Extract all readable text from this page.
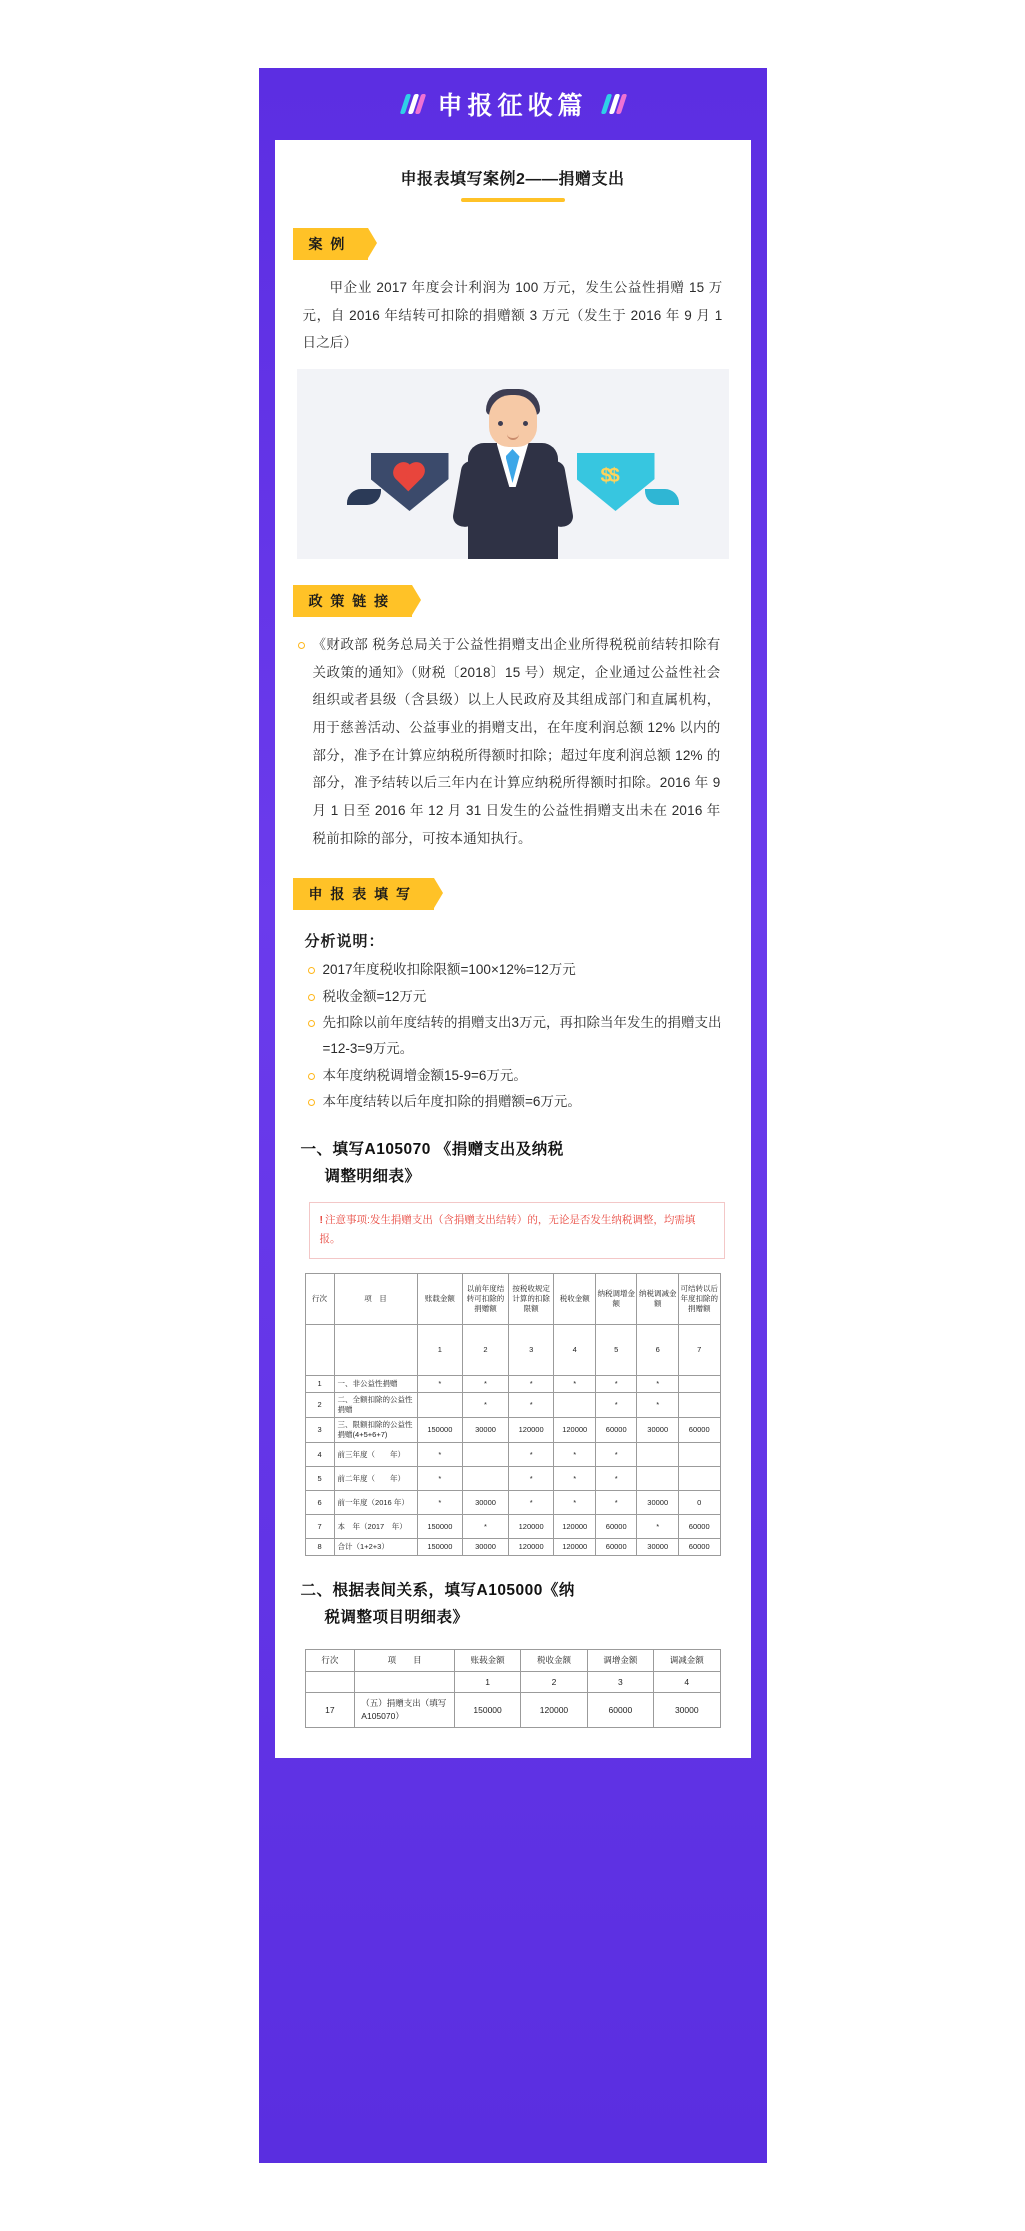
申报征收篇
申报表填写案例2——捐赠支出
案 例
甲企业 2017 年度会计利润为 100 万元，发生公益性捐赠 15 万元，自 2016 年结转可扣除的捐赠额 3 万元（发生于 2016 年 9 月 1 日之后）
$$
政 策 链 接
《财政部 税务总局关于公益性捐赠支出企业所得税税前结转扣除有关政策的通知》（财税〔2018〕15 号）规定，企业通过公益性社会组织或者县级（含县级）以上人民政府及其组成部门和直属机构，用于慈善活动、公益事业的捐赠支出，在年度利润总额 12% 以内的部分，准予在计算应纳税所得额时扣除；超过年度利润总额 12% 的部分，准予结转以后三年内在计算应纳税所得额时扣除。2016 年 9 月 1 日至 2016 年 12 月 31 日发生的公益性捐赠支出未在 2016 年税前扣除的部分，可按本通知执行。
申 报 表 填 写
分析说明：
2017年度税收扣除限额=100×12%=12万元
税收金额=12万元
先扣除以前年度结转的捐赠支出3万元，再扣除当年发生的捐赠支出=12-3=9万元。
本年度纳税调增金额15-9=6万元。
本年度结转以后年度扣除的捐赠额=6万元。
一、填写A105070 《捐赠支出及纳税
调整明细表》
! 注意事项:发生捐赠支出（含捐赠支出结转）的，无论是否发生纳税调整，均需填报。
行次	项　目	账载金额	以前年度结转可扣除的捐赠额	按税收规定计算的扣除限额	税收金额	纳税调增金额	纳税调减金额	可结转以后年度扣除的捐赠额
		1	2	3	4	5	6	7
1	一、非公益性捐赠	*	*	*	*	*	*	
2	二、全额扣除的公益性捐赠		*	*		*	*	
3	三、限额扣除的公益性捐赠(4+5+6+7)	150000	30000	120000	120000	60000	30000	60000
4	前三年度（　　年）	*		*	*	*		
5	前二年度（　　年）	*		*	*	*		
6	前一年度（2016 年）	*	30000	*	*	*	30000	0
7	本　年（2017　年）	150000	*	120000	120000	60000	*	60000
8	合计（1+2+3）	150000	30000	120000	120000	60000	30000	60000
二、根据表间关系，填写A105000《纳
税调整项目明细表》
行次	项　　目	账载金额	税收金额	调增金额	调减金额
		1	2	3	4
17	（五）捐赠支出（填写A105070）	150000	120000	60000	30000
